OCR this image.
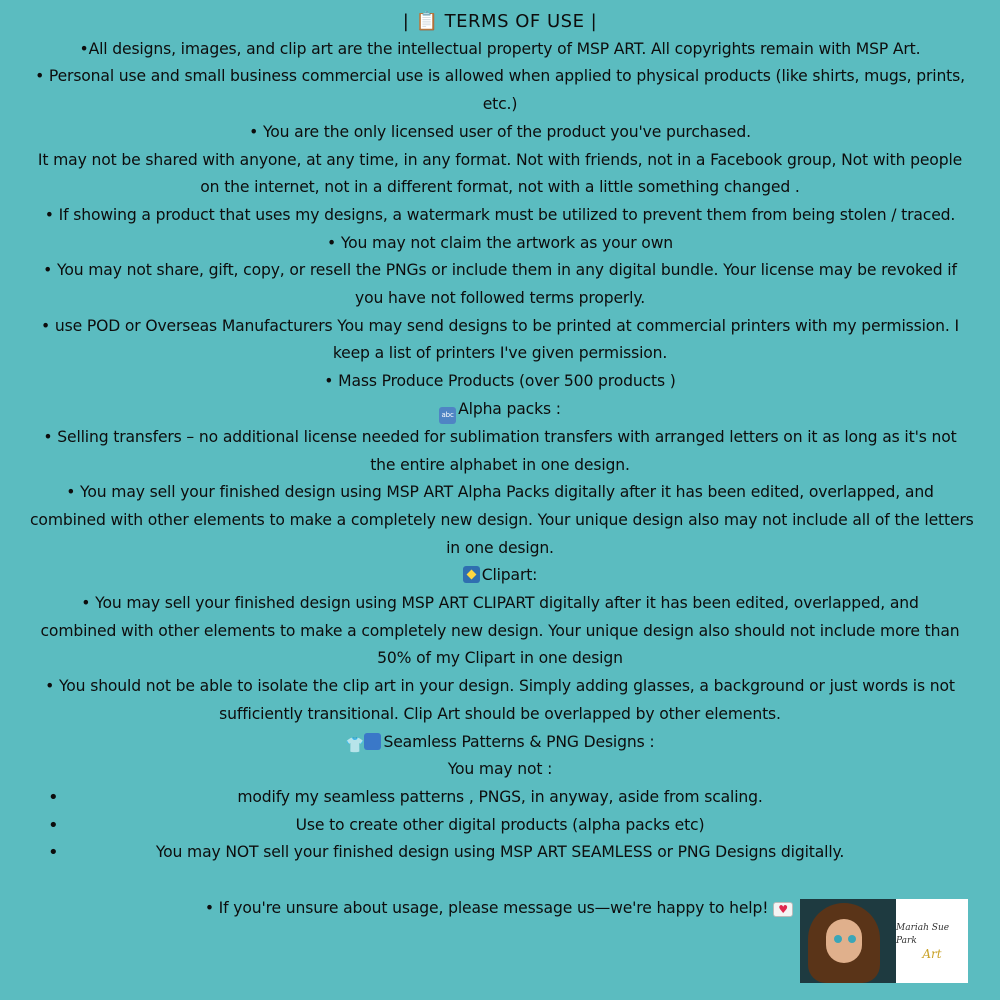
| 📋 TERMS OF USE |
•All designs, images, and clip art are the intellectual property of MSP ART. All copyrights remain with MSP Art.
• Personal use and small business commercial use is allowed when applied to physical products (like shirts, mugs, prints,
etc.)
• You are the only licensed user of the product you've purchased.
It may not be shared with anyone, at any time, in any format. Not with friends, not in a Facebook group, Not with people
on the internet, not in a different format, not with a little something changed .
• If showing a product that uses my designs, a watermark must be utilized to prevent them from being stolen / traced.
• You may not claim the artwork as your own
• You may not share, gift, copy, or resell the PNGs or include them in any digital bundle. Your license may be revoked if
you have not followed terms properly.
• use POD or Overseas Manufacturers You may send designs to be printed at commercial printers with my permission. I
keep a list of printers I've given permission.
• Mass Produce Products (over 500 products )
abc Alpha packs :
• Selling transfers – no additional license needed for sublimation transfers with arranged letters on it as long as it's not
the entire alphabet in one design.
• You may sell your finished design using MSP ART Alpha Packs digitally after it has been edited, overlapped, and
combined with other elements to make a completely new design. Your unique design also may not include all of the letters
in one design.
Clipart:
• You may sell your finished design using MSP ART CLIPART digitally after it has been edited, overlapped, and
combined with other elements to make a completely new design. Your unique design also should not include more than
50% of my Clipart in one design
• You should not be able to isolate the clip art in your design. Simply adding glasses, a background or just words is not
sufficiently transitional. Clip Art should be overlapped by other elements.
👕 Seamless Patterns & PNG Designs :
You may not :
•	modify my seamless patterns , PNGS, in anyway, aside from scaling.
•	Use to create other digital products (alpha packs etc)
•	You may NOT sell your finished design using MSP ART SEAMLESS or PNG Designs digitally.
• If you're unsure about usage, please message us—we're happy to help! ♥
Mariah Sue Park
Art
